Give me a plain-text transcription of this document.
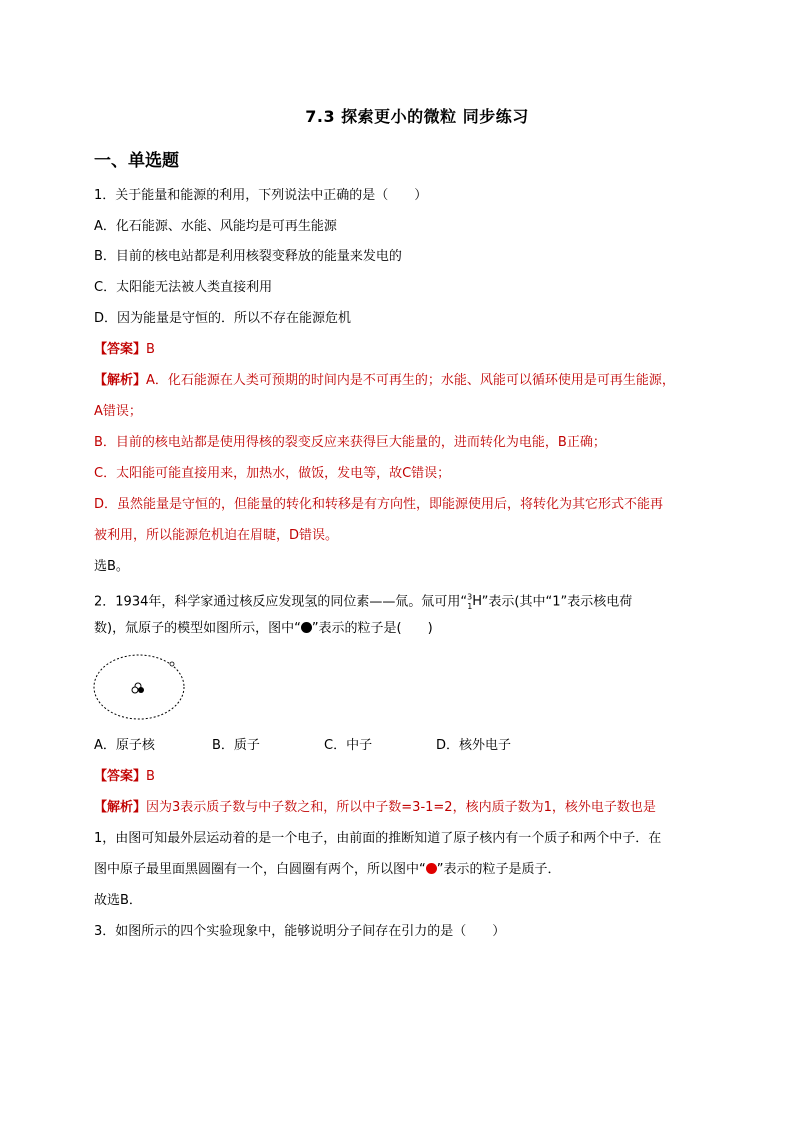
7.3 探索更小的微粒 同步练习
一、单选题
1．关于能量和能源的利用，下列说法中正确的是（　　）
A．化石能源、水能、风能均是可再生能源
B．目前的核电站都是利用核裂变释放的能量来发电的
C．太阳能无法被人类直接利用
D．因为能量是守恒的．所以不存在能源危机
【答案】B
【解析】A．化石能源在人类可预期的时间内是不可再生的；水能、风能可以循环使用是可再生能源，
A错误；
B．目前的核电站都是使用得核的裂变反应来获得巨大能量的，进而转化为电能，B正确；
C．太阳能可能直接用来，加热水，做饭，发电等，故C错误；
D．虽然能量是守恒的，但能量的转化和转移是有方向性，即能源使用后，将转化为其它形式不能再
被利用，所以能源危机迫在眉睫，D错误。
选B。
2．1934年，科学家通过核反应发现氢的同位素——氚。氚可用“$^3_1$H”表示(其中“1”表示核电荷
数)，氚原子的模型如图所示，图中“ ”表示的粒子是(　　)
A．原子核	B．质子	C．中子	D．核外电子
【答案】B
【解析】因为3表示质子数与中子数之和，所以中子数=3-1=2，核内质子数为1，核外电子数也是
1，由图可知最外层运动着的是一个电子，由前面的推断知道了原子核内有一个质子和两个中子．在
图中原子最里面黑圆圈有一个，白圆圈有两个，所以图中“ ”表示的粒子是质子．
故选B．
3．如图所示的四个实验现象中，能够说明分子间存在引力的是（　　）
